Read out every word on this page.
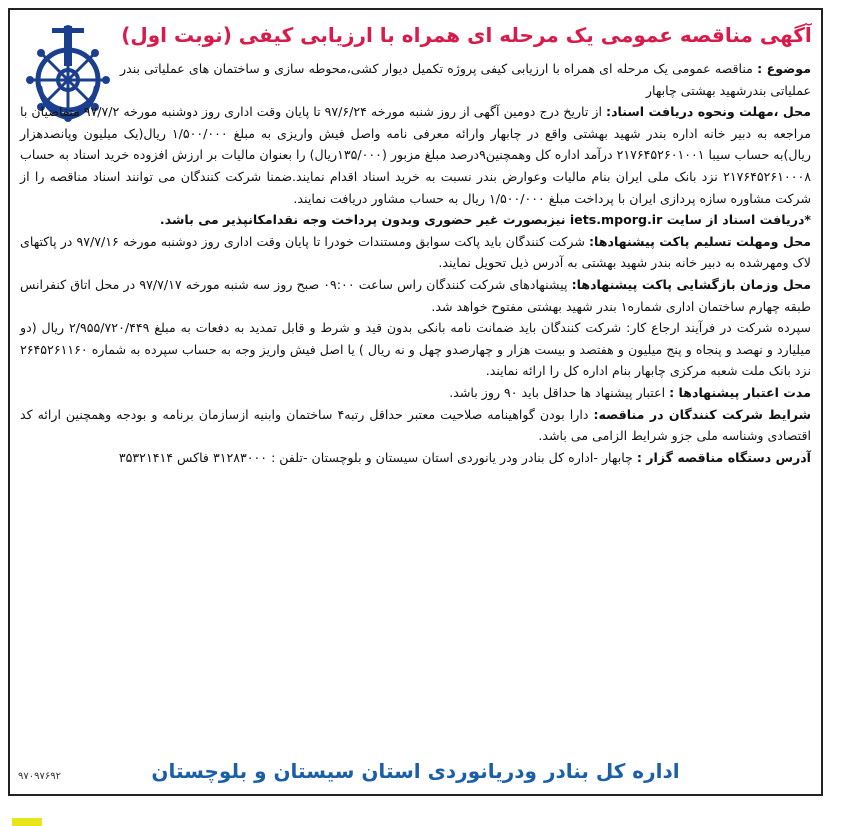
آگهی مناقصه عمومی یک مرحله ای همراه با ارزیابی کیفی (نوبت اول)

موضوع : مناقصه عمومی یک مرحله ای همراه با ارزیابی کیفی پروژه تکمیل دیوار کشی،محوطه سازی و ساختمان های عملیاتی بندر عملیاتی بندرشهید بهشتی چابهار

محل ،مهلت ونحوه دریافت اسناد: از تاریخ درج دومین آگهی از روز شنبه مورخه ۹۷/۶/۲۴ تا پایان وقت اداری روز دوشنبه مورخه ۹۷/۷/۲ متقاضیان با مراجعه به دبیر خانه اداره بندر شهید بهشتی واقع در چابهار وارائه معرفی نامه واصل فیش واریزی به مبلغ ۱/۵۰۰/۰۰۰ ریال(یک میلیون وپانصدهزار ریال)به حساب سیبا ۲۱۷۶۴۵۲۶۰۱۰۰۱ درآمد اداره کل وهمچنین۹درصد مبلغ مزبور (۱۳۵/۰۰۰ریال) را بعنوان مالیات بر ارزش افزوده خرید اسناد به حساب ۲۱۷۶۴۵۲۶۱۰۰۰۸ نزد بانک ملی ایران بنام مالیات وعوارض بندر نسبت به خرید اسناد اقدام نمایند.ضمنا شرکت کنندگان می توانند اسناد مناقصه را از شرکت مشاوره سازه پردازی ایران با پرداخت مبلغ ۱/۵۰۰/۰۰۰ ریال به حساب مشاور دریافت نمایند.

*دریافت اسناد از سایت iets.mporg.ir نیزبصورت غیر حضوری وبدون پرداخت وجه نقدامکانپذیر می باشد.

محل ومهلت تسلیم پاکت پیشنهادها: شرکت کنندگان باید پاکت سوابق ومستندات خودرا تا پایان وقت اداری روز دوشنبه مورخه ۹۷/۷/۱۶ در پاکتهای لاک ومهرشده به دبیر خانه بندر شهید بهشتی به آدرس ذیل تحویل نمایند.

محل وزمان بازگشایی پاکت پیشنهادها: پیشنهادهای شرکت کنندگان راس ساعت ۰۹:۰۰ صبح روز سه شنبه مورخه ۹۷/۷/۱۷ در محل اتاق کنفرانس طبقه چهارم ساختمان اداری شماره۱ بندر شهید بهشتی مفتوح خواهد شد.

سپرده شرکت در فرآیند ارجاع کار: شرکت کنندگان باید ضمانت نامه بانکی بدون قید و شرط و قابل تمدید به دفعات به مبلغ ۲/۹۵۵/۷۲۰/۴۴۹ ریال (دو میلیارد و نهصد و پنجاه و پنج میلیون و هفتصد و بیست هزار و چهارصدو چهل و نه ریال ) یا اصل فیش واریز وجه به حساب سپرده به شماره ۲۶۴۵۲۶۱۱۶۰ نزد بانک ملت شعبه مرکزی چابهار بنام اداره کل را ارائه نمایند.

مدت اعتبار پیشنهادها : اعتبار پیشنهاد ها حداقل باید ۹۰ روز باشد.

شرایط شرکت کنندگان در مناقصه: دارا بودن گواهینامه صلاحیت معتبر حداقل رتبه۴ ساختمان وابنیه ازسازمان برنامه و بودجه وهمچنین ارائه کد اقتصادی وشناسه ملی جزو شرایط الزامی می باشد.

آدرس دستگاه مناقصه گزار : چابهار -اداره کل بنادر ودر یانوردی استان سیستان و بلوچستان -تلفن : ۳۱۲۸۳۰۰۰ فاکس ۳۵۳۲۱۴۱۴

اداره کل بنادر ودریانوردی استان سیستان و بلوچستان
۹۷۰۹۷۶۹۲
